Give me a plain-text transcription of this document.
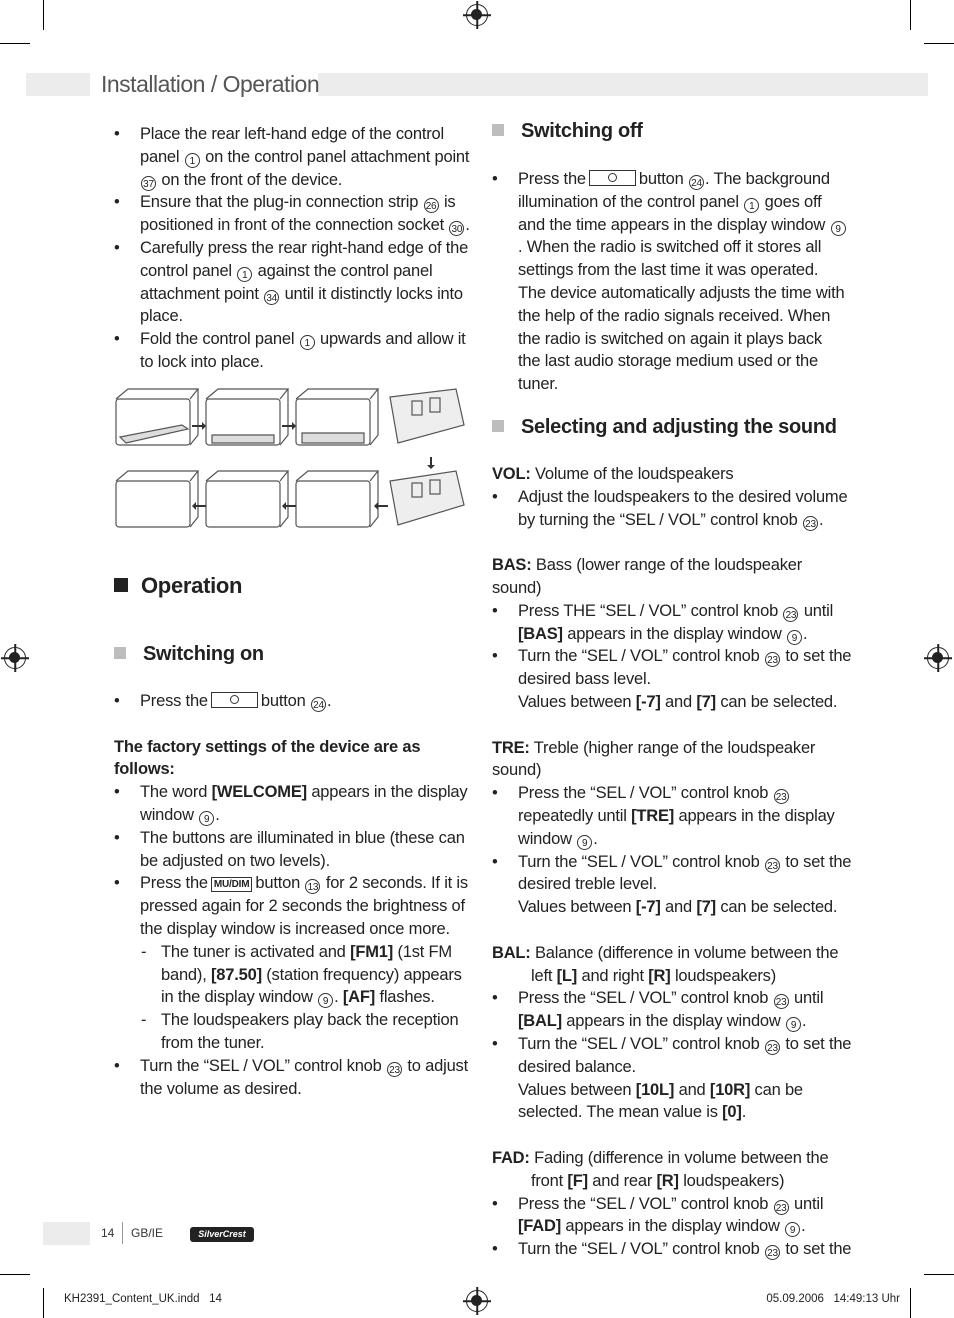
Installation / Operation

• Place the rear left-hand edge of the control panel 1 on the control panel attachment point 37 on the front of the device.

• Ensure that the plug-in connection strip 26 is positioned in front of the connection socket 30 .

• Carefully press the rear right-hand edge of the control panel 1 against the control panel attachment point 34 until it distinctly locks into place.

• Fold the control panel 1 upwards and allow it to lock into place.

Operation
Switching on

• Press the	button 24 .

The factory settings of the device are as follows:

• The word [WELCOME] appears in the display window 9 .

• The buttons are illuminated in blue (these can be adjusted on two levels).

• Press the MU/DIM button 13 for 2 seconds. If it is pressed again for 2 seconds the brightness of the display window is increased once more.

- The tuner is activated and [FM1] (1st FM band), [87.50] (station frequency) appears in the display window 9 . [AF] flashes.

- The loudspeakers play back the reception from the tuner.

• Turn the “SEL / VOL” control knob 23 to adjust the volume as desired.

Switching off

• Press the	button 24 . The background illumination of the control panel 1 goes off and the time appears in the display window 9. When the radio is switched off it stores all settings from the last time it was operated. The device automatically adjusts the time with the help of the radio signals received. When the radio is switched on again it plays back the last audio storage medium used or the tuner.

Selecting and adjusting the sound

VOL: Volume of the loudspeakers

• Adjust the loudspeakers to the desired volume by turning the “SEL / VOL” control knob 23 .

BAS: Bass (lower range of the loudspeaker sound)

• Press THE “SEL / VOL” control knob 23 until [BAS] appears in the display window 9 .

• Turn the “SEL / VOL” control knob 23 to set the desired bass level.

Values between [-7] and [7] can be selected.

TRE: Treble (higher range of the loudspeaker sound)

• Press the “SEL / VOL” control knob 23 repeatedly until [TRE] appears in the display window 9 .

• Turn the “SEL / VOL” control knob 23 to set the desired treble level.

Values between [-7] and [7] can be selected.

BAL: Balance (difference in volume between the left [L] and right [R] loudspeakers)

• Press the “SEL / VOL” control knob 23 until [BAL] appears in the display window 9 .

• Turn the “SEL / VOL” control knob 23 to set the desired balance.

Values between [10L] and [10R] can be selected. The mean value is [0].

FAD: Fading (difference in volume between the front [F] and rear [R] loudspeakers)

• Press the “SEL / VOL” control knob 23 until [FAD] appears in the display window 9 .

• Turn the “SEL / VOL” control knob 23 to set the

14 GB/IE	SilverCrest
KH2391_Content_UK.indd   14	05.09.2006   14:49:13 Uhr
